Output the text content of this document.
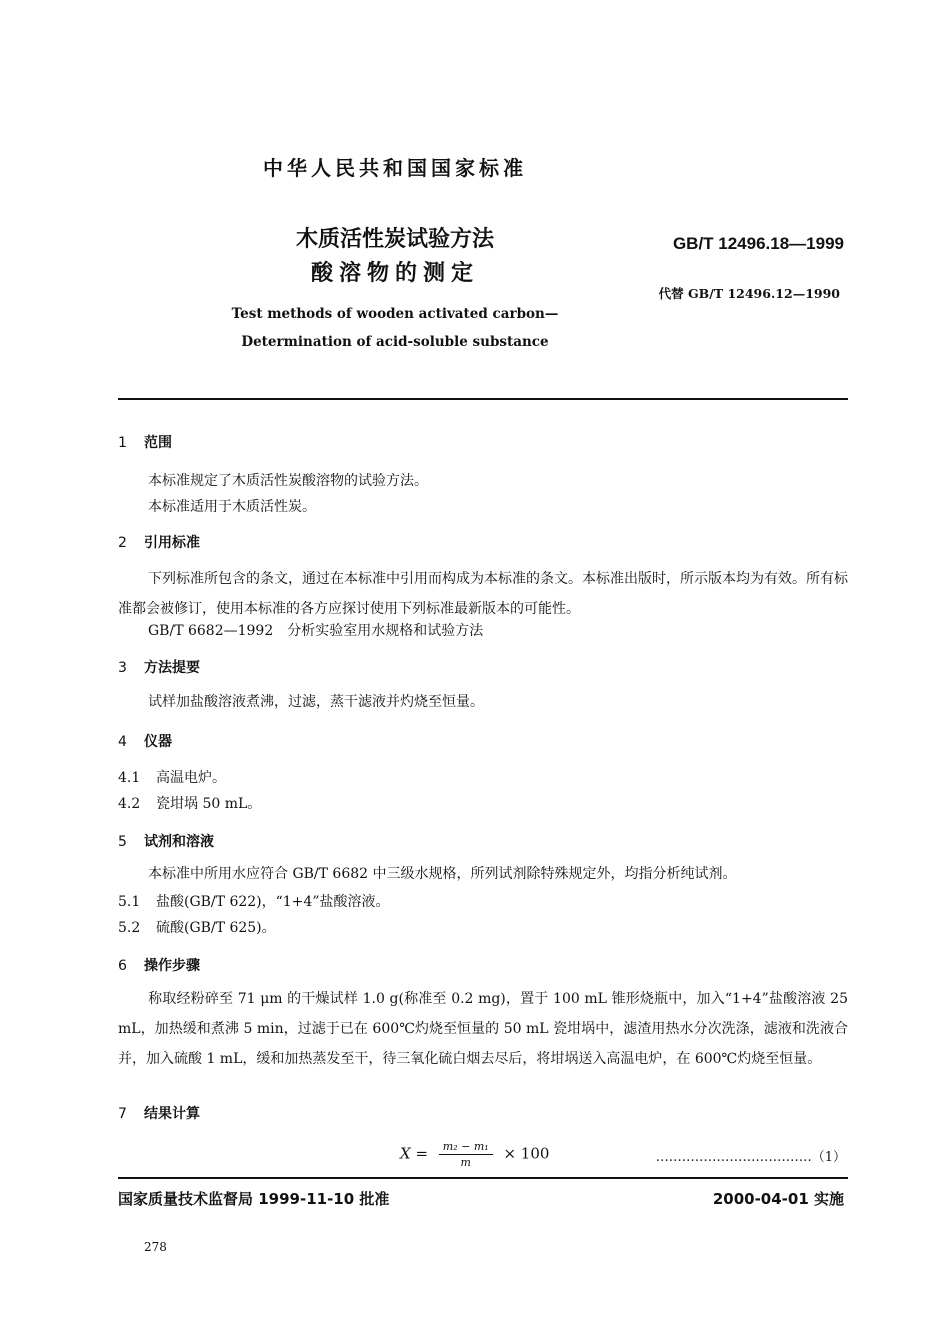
中华人民共和国国家标准
木质活性炭试验方法
酸溶物的测定
Test methods of wooden activated carbon—
Determination of acid-soluble substance
GB/T 12496.18—1999
代替 GB/T 12496.12—1990
1 范围
本标准规定了木质活性炭酸溶物的试验方法。
本标准适用于木质活性炭。
2 引用标准
下列标准所包含的条文，通过在本标准中引用而构成为本标准的条文。本标准出版时，所示版本均为有效。所有标准都会被修订，使用本标准的各方应探讨使用下列标准最新版本的可能性。
GB/T 6682—1992　分析实验室用水规格和试验方法
3 方法提要
试样加盐酸溶液煮沸，过滤，蒸干滤液并灼烧至恒量。
4 仪器
4.1 高温电炉。
4.2 瓷坩埚 50 mL。
5 试剂和溶液
本标准中所用水应符合 GB/T 6682 中三级水规格，所列试剂除特殊规定外，均指分析纯试剂。
5.1 盐酸(GB/T 622)，“1+4”盐酸溶液。
5.2 硫酸(GB/T 625)。
6 操作步骤
称取经粉碎至 71 μm 的干燥试样 1.0 g(称准至 0.2 mg)，置于 100 mL 锥形烧瓶中，加入“1+4”盐酸溶液 25 mL，加热缓和煮沸 5 min，过滤于已在 600℃灼烧至恒量的 50 mL 瓷坩埚中，滤渣用热水分次洗涤，滤液和洗液合并，加入硫酸 1 mL，缓和加热蒸发至干，待三氧化硫白烟去尽后，将坩埚送入高温电炉，在 600℃灼烧至恒量。
7 结果计算
$X = \frac{\text{m₂ − m₁}}{m} \times 100$	………………………………（1）
国家质量技术监督局 1999-11-10 批准	2000-04-01 实施
278
